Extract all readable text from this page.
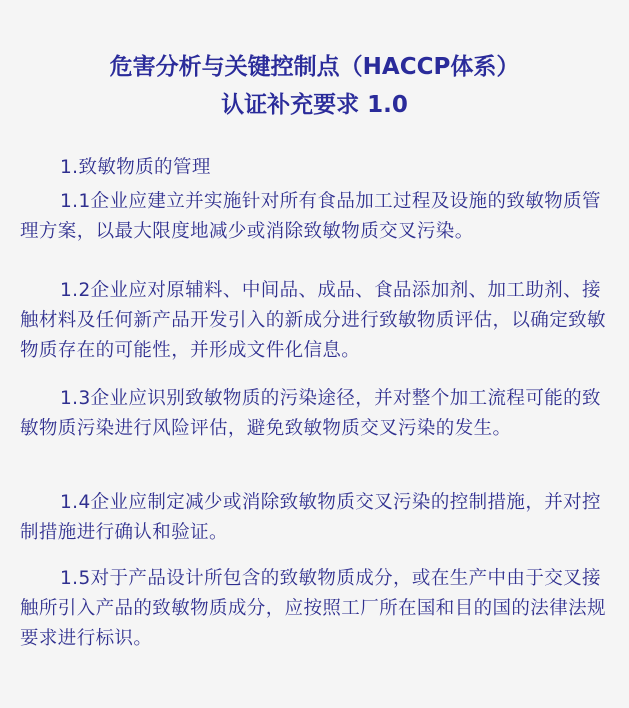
危害分析与关键控制点（HACCP体系）
认证补充要求 1.0
1.致敏物质的管理
1.1企业应建立并实施针对所有食品加工过程及设施的致敏物质管理方案，以最大限度地减少或消除致敏物质交叉污染。
1.2企业应对原辅料、中间品、成品、食品添加剂、加工助剂、接触材料及任何新产品开发引入的新成分进行致敏物质评估，以确定致敏物质存在的可能性，并形成文件化信息。
1.3企业应识别致敏物质的污染途径，并对整个加工流程可能的致敏物质污染进行风险评估，避免致敏物质交叉污染的发生。
1.4企业应制定减少或消除致敏物质交叉污染的控制措施，并对控制措施进行确认和验证。
1.5对于产品设计所包含的致敏物质成分，或在生产中由于交叉接触所引入产品的致敏物质成分，应按照工厂所在国和目的国的法律法规要求进行标识。
